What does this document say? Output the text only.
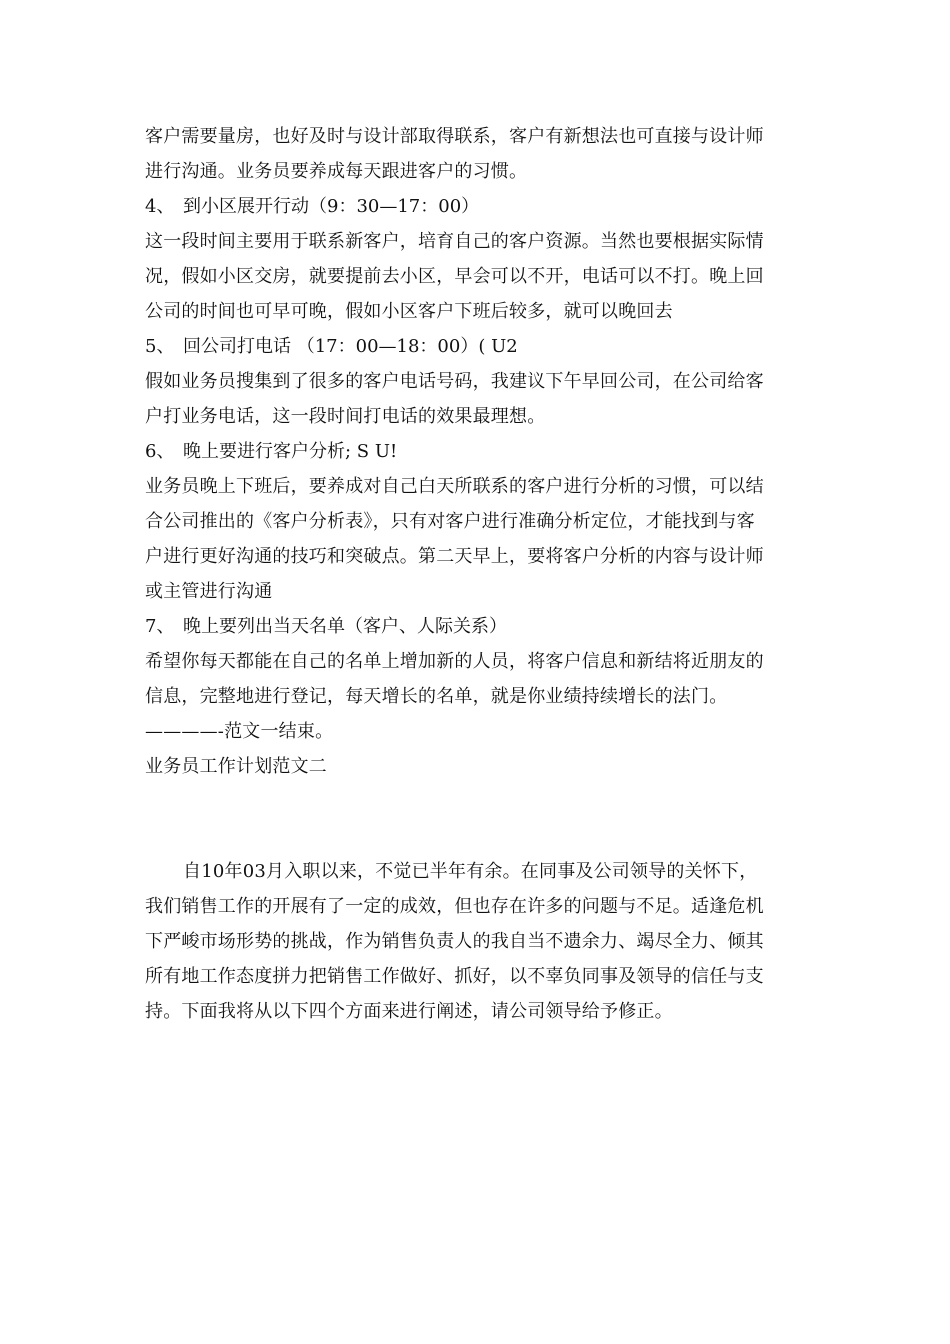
客户需要量房，也好及时与设计部取得联系，客户有新想法也可直接与设计师
进行沟通。业务员要养成每天跟进客户的习惯。
4、 到小区展开行动（9：30—17：00）
这一段时间主要用于联系新客户，培育自己的客户资源。当然也要根据实际情
况，假如小区交房，就要提前去小区，早会可以不开，电话可以不打。晚上回
公司的时间也可早可晚，假如小区客户下班后较多，就可以晚回去
5、 回公司打电话 （17：00—18：00）( U2
假如业务员搜集到了很多的客户电话号码，我建议下午早回公司，在公司给客
户打业务电话，这一段时间打电话的效果最理想。
6、 晚上要进行客户分析; S U!
业务员晚上下班后，要养成对自己白天所联系的客户进行分析的习惯，可以结
合公司推出的《客户分析表》，只有对客户进行准确分析定位，才能找到与客
户进行更好沟通的技巧和突破点。第二天早上，要将客户分析的内容与设计师
或主管进行沟通
7、 晚上要列出当天名单（客户、人际关系）
希望你每天都能在自己的名单上增加新的人员，将客户信息和新结将近朋友的
信息，完整地进行登记，每天增长的名单，就是你业绩持续增长的法门。
————-范文一结束。
业务员工作计划范文二
自10年03月入职以来，不觉已半年有余。在同事及公司领导的关怀下，
我们销售工作的开展有了一定的成效，但也存在许多的问题与不足。适逢危机
下严峻市场形势的挑战，作为销售负责人的我自当不遗余力、竭尽全力、倾其
所有地工作态度拼力把销售工作做好、抓好，以不辜负同事及领导的信任与支
持。下面我将从以下四个方面来进行阐述，请公司领导给予修正。
